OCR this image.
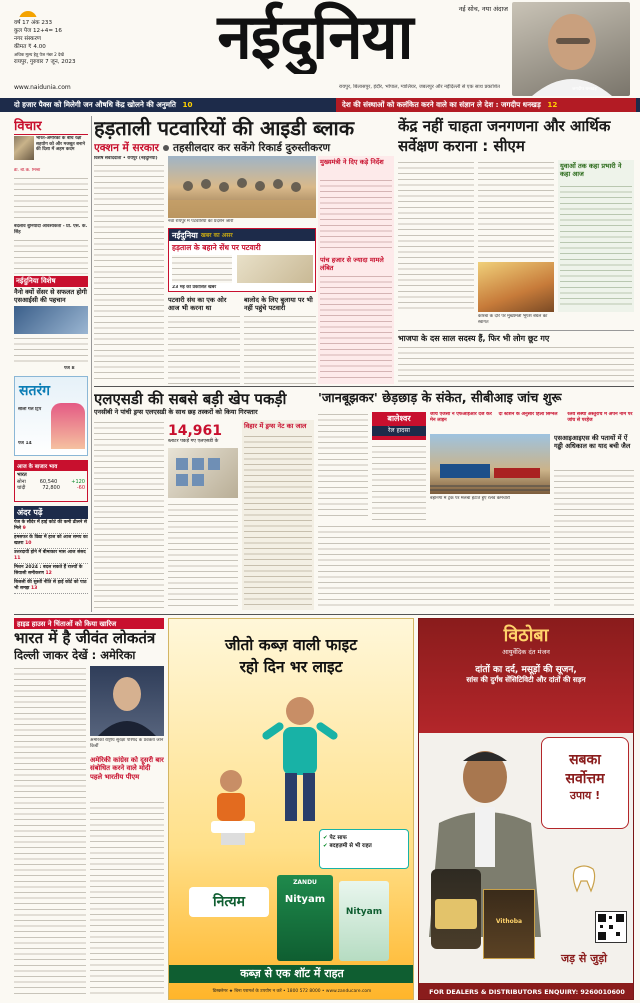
वर्ष 17 अंक 233
कुल पेज 12+4= 16
नगर संस्करण
कीमत ₹ 4.00
अधिक मूल्य हेतु पेज नंबर 2 देखें
रायपुर, गुरुवार 7 जून, 2023
www.naidunia.com
नईदुनिया	नई सोच, नया अंदाज
रायपुर, बिलासपुर, इंदौर, भोपाल, ग्वालियर, जबलपुर और नईदिल्ली से एक साथ प्रकाशित	जगदीप धनखड़
दो हजार पैक्स को मिलेगी जन औषधि केंद्र खोलने की अनुमति 10	देश की संस्थाओं को कलंकित करने वाले का संज्ञान ले देश : जगदीप धनखड़ 12
विचार
भारत-अमेरिका के बीच रक्षा सहयोग को और मजबूत बनाने की दिशा में अहम कदम
डा. बी.के. मिश्रा
बदलाव बुनियादी आवश्यकता - प्रो. एस. के. सिंह
नईदुनिया विशेष
नैनो क्यों सेंसर से सफलत होगी एसआईसी की पहचान
पेज 8
सतरंग
सोलो गर्ल ट्रिप
पेज 14
आज के बाजार भाव
भारत
सोना	60,540	+120
चांदी	72,800	-60
अंदर पढ़ें
पेज के सौदेर में हाई कोर्ट की कमी ढीलने से मिले 9
हमसफर के विद्या में हाज को आज समय का खतरा 10
उत्तरदायी होने में बीमाकार मास आज संसद 11
मिशन 2024 : बदल सकते हैं राज्यों के सियासी समीकरण 12
बिजली की सुस्ती नीति से हाई कोर्ट को पाठ भी समझ 13
हड़ताली पटवारियों की आइडी ब्लाक
एक्शन में सरकार तहसीलदार कर सकेंगे रिकार्ड दुरुस्तीकरण
विशेष संवाददाता • रायपुर (नईदुनिया)
नवा रायपुर में पटवारियों का प्रदर्शन जारी
नईदुनिया खबर का असर
हड़ताल के बहाने सेंध पर पटवारी
23 मई को प्रकाशित खबर
मुख्यमंत्री ने दिए कड़े निर्देश
पांच हजार से ज्यादा मामले लंबित
पटवारी संघ का एक ओर आज भी करना था
बालोद के लिए बुलाया पर भी नहीं पहुंचे पटवारी
केंद्र नहीं चाहता जनगणना और आर्थिक सर्वेक्षण कराना : सीएम
कोरबा के दौरे पर मुख्यमंत्री भूपेश बघेल का स्वागत
युवाओं तक कहा प्रभारी ने कहा आज
भाजपा के दस साल सदस्य हैं, फिर भी लोग छूट गए
एलएसडी की सबसे बड़ी खेप पकड़ी
एनसीबी ने पांची ड्रग्स एलएसडी के साथ छह तस्करों को किया गिरफ्तार
14,961
ब्लाटर पकड़े गए एलएसडी के
विहार में ड्रग्स नेट का जाल
'जानबूझकर' छेड़छाड़ के संकेत, सीबीआइ जांच शुरू
बालेश्वर
रेल हादसा
जांच एजेंसी ने एफआइआर दर्ज कर मेन लाइन
दो स्टेशन के अनुसार हिला सिग्नल	रेलवे संस्था अस्तुराच में अपने नाम पर जांच से परहेज
बहानगा में ट्रैक पर मलबा हटाते हुए रेलवे कर्मचारी
एसआइआइएस की पतायों में ऐं गड्ढी अधिकाल का याद बची जैल
हाइड हाउस ने चिंताओं को किया खारिज
भारत में है जीवंत लोकतंत्र
दिल्ली जाकर देखें : अमेरिका
अमेरिकी राष्ट्रीय सुरक्षा परिषद के प्रवक्ता जान किर्बी
अमेरिकी कांग्रेस को दूसरी बार संबोधित करने वाले मोदी पहले भारतीय पीएम
जीतो कब्ज़ वाली फाइट
रहो दिन भर लाइट
✔ पेट साफ
✔ बदहज़मी से भी राहत
ZANDU
Nityam
Nityam
नित्यम
कब्ज़ से एक शॉट में राहत
डिस्क्लेमर ★ बिना परामर्श के उपयोग न करें • 1800 572 8000 • www.zanducare.com
विठोबा
आयुर्वेदिक दंत मंजन
दांतों का दर्द, मसूड़ों की सूजन,
सांस की दुर्गंध सेंसिटिविटी और दांतों की सड़न
Vithoba
सबका
सर्वोत्तम
उपाय !
जड़ से जुड़ो
FOR DEALERS & DISTRIBUTORS ENQUIRY: 9260010600
